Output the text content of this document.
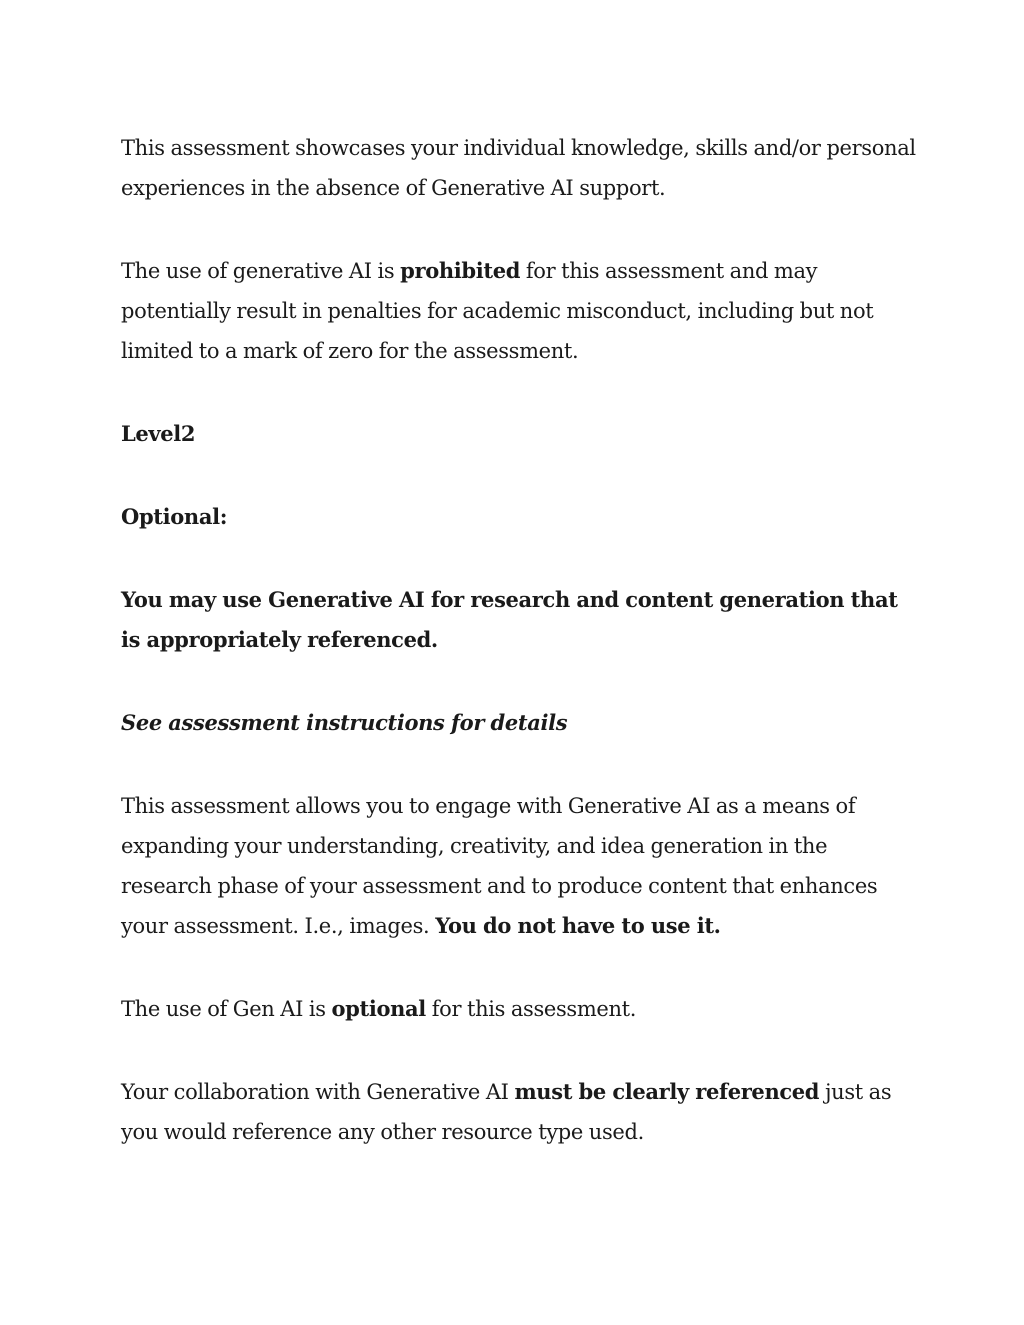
This assessment showcases your individual knowledge, skills and/or personal experiences in the absence of Generative AI support.

The use of generative AI is prohibited for this assessment and may potentially result in penalties for academic misconduct, including but not limited to a mark of zero for the assessment.

Level2

Optional:

You may use Generative AI for research and content generation that is appropriately referenced.

See assessment instructions for details

This assessment allows you to engage with Generative AI as a means of expanding your understanding, creativity, and idea generation in the research phase of your assessment and to produce content that enhances your assessment. I.e., images. You do not have to use it.

The use of Gen AI is optional for this assessment.

Your collaboration with Generative AI must be clearly referenced just as you would reference any other resource type used.
